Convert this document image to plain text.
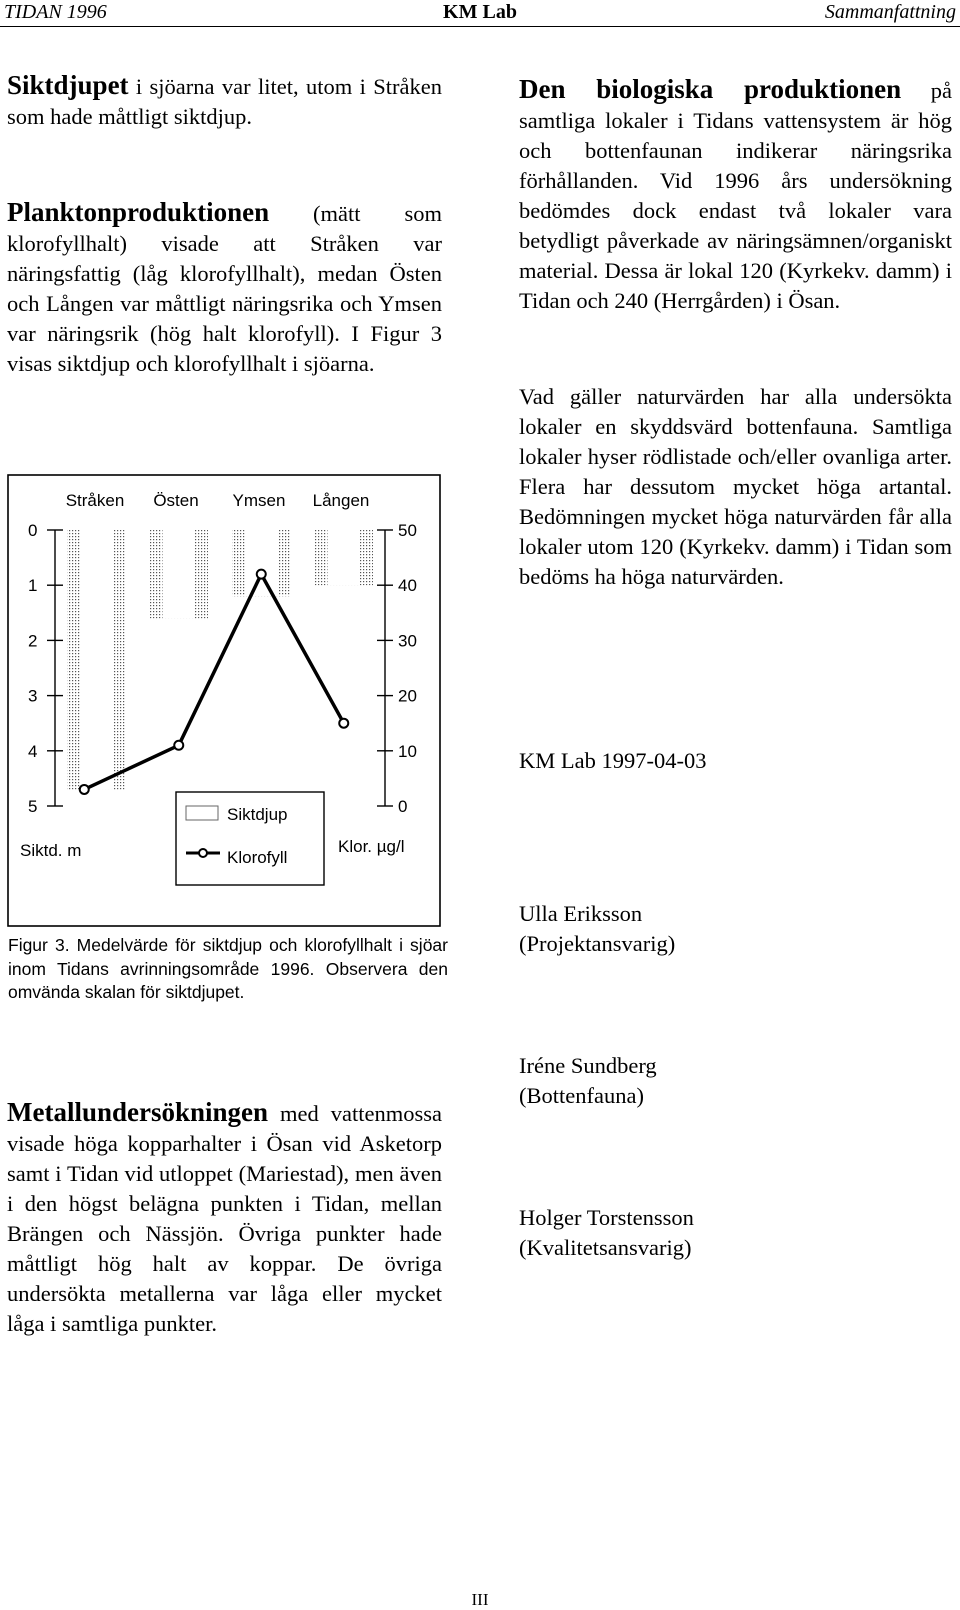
TIDAN 1996	KM Lab	Sammanfattning
Siktdjupet i sjöarna var litet, utom i Stråken som hade måttligt siktdjup.
Planktonproduktionen (mätt som klorofyllhalt) visade att Stråken var näringsfattig (låg klorofyllhalt), medan Östen och Lången var måttligt näringsrika och Ymsen var näringsrik (hög halt klorofyll). I Figur 3 visas siktdjup och klorofyllhalt i sjöarna.
0
1
2
3
4
5	0
10
20
30
40
50
Stråken Östen Ymsen Lången
Siktd. m	Klor. µg/l
Siktdjup
Klorofyll
Figur 3. Medelvärde för siktdjup och klorofyllhalt i sjöar inom Tidans avrinningsområde 1996. Observera den omvända skalan för siktdjupet.
Metallundersökningen med vattenmossa visade höga kopparhalter i Ösan vid Asketorp samt i Tidan vid utloppet (Mariestad), men även i den högst belägna punkten i Tidan, mellan Brängen och Nässjön. Övriga punkter hade måttligt hög halt av koppar. De övriga undersökta metallerna var låga eller mycket låga i samtliga punkter.
Den biologiska produktionen på samtliga lokaler i Tidans vattensystem är hög och bottenfaunan indikerar näringsrika förhållanden. Vid 1996 års undersökning bedömdes dock endast två lokaler vara betydligt påverkade av näringsämnen/organiskt material. Dessa är lokal 120 (Kyrkekv. damm) i Tidan och 240 (Herrgården) i Ösan.
Vad gäller naturvärden har alla undersökta lokaler en skyddsvärd bottenfauna. Samtliga lokaler hyser rödlistade och/eller ovanliga arter. Flera har dessutom mycket höga artantal. Bedömningen mycket höga naturvärden får alla lokaler utom 120 (Kyrkekv. damm) i Tidan som bedöms ha höga naturvärden.
KM Lab 1997-04-03
Ulla Eriksson
(Projektansvarig)
Iréne Sundberg
(Bottenfauna)
Holger Torstensson
(Kvalitetsansvarig)
III
